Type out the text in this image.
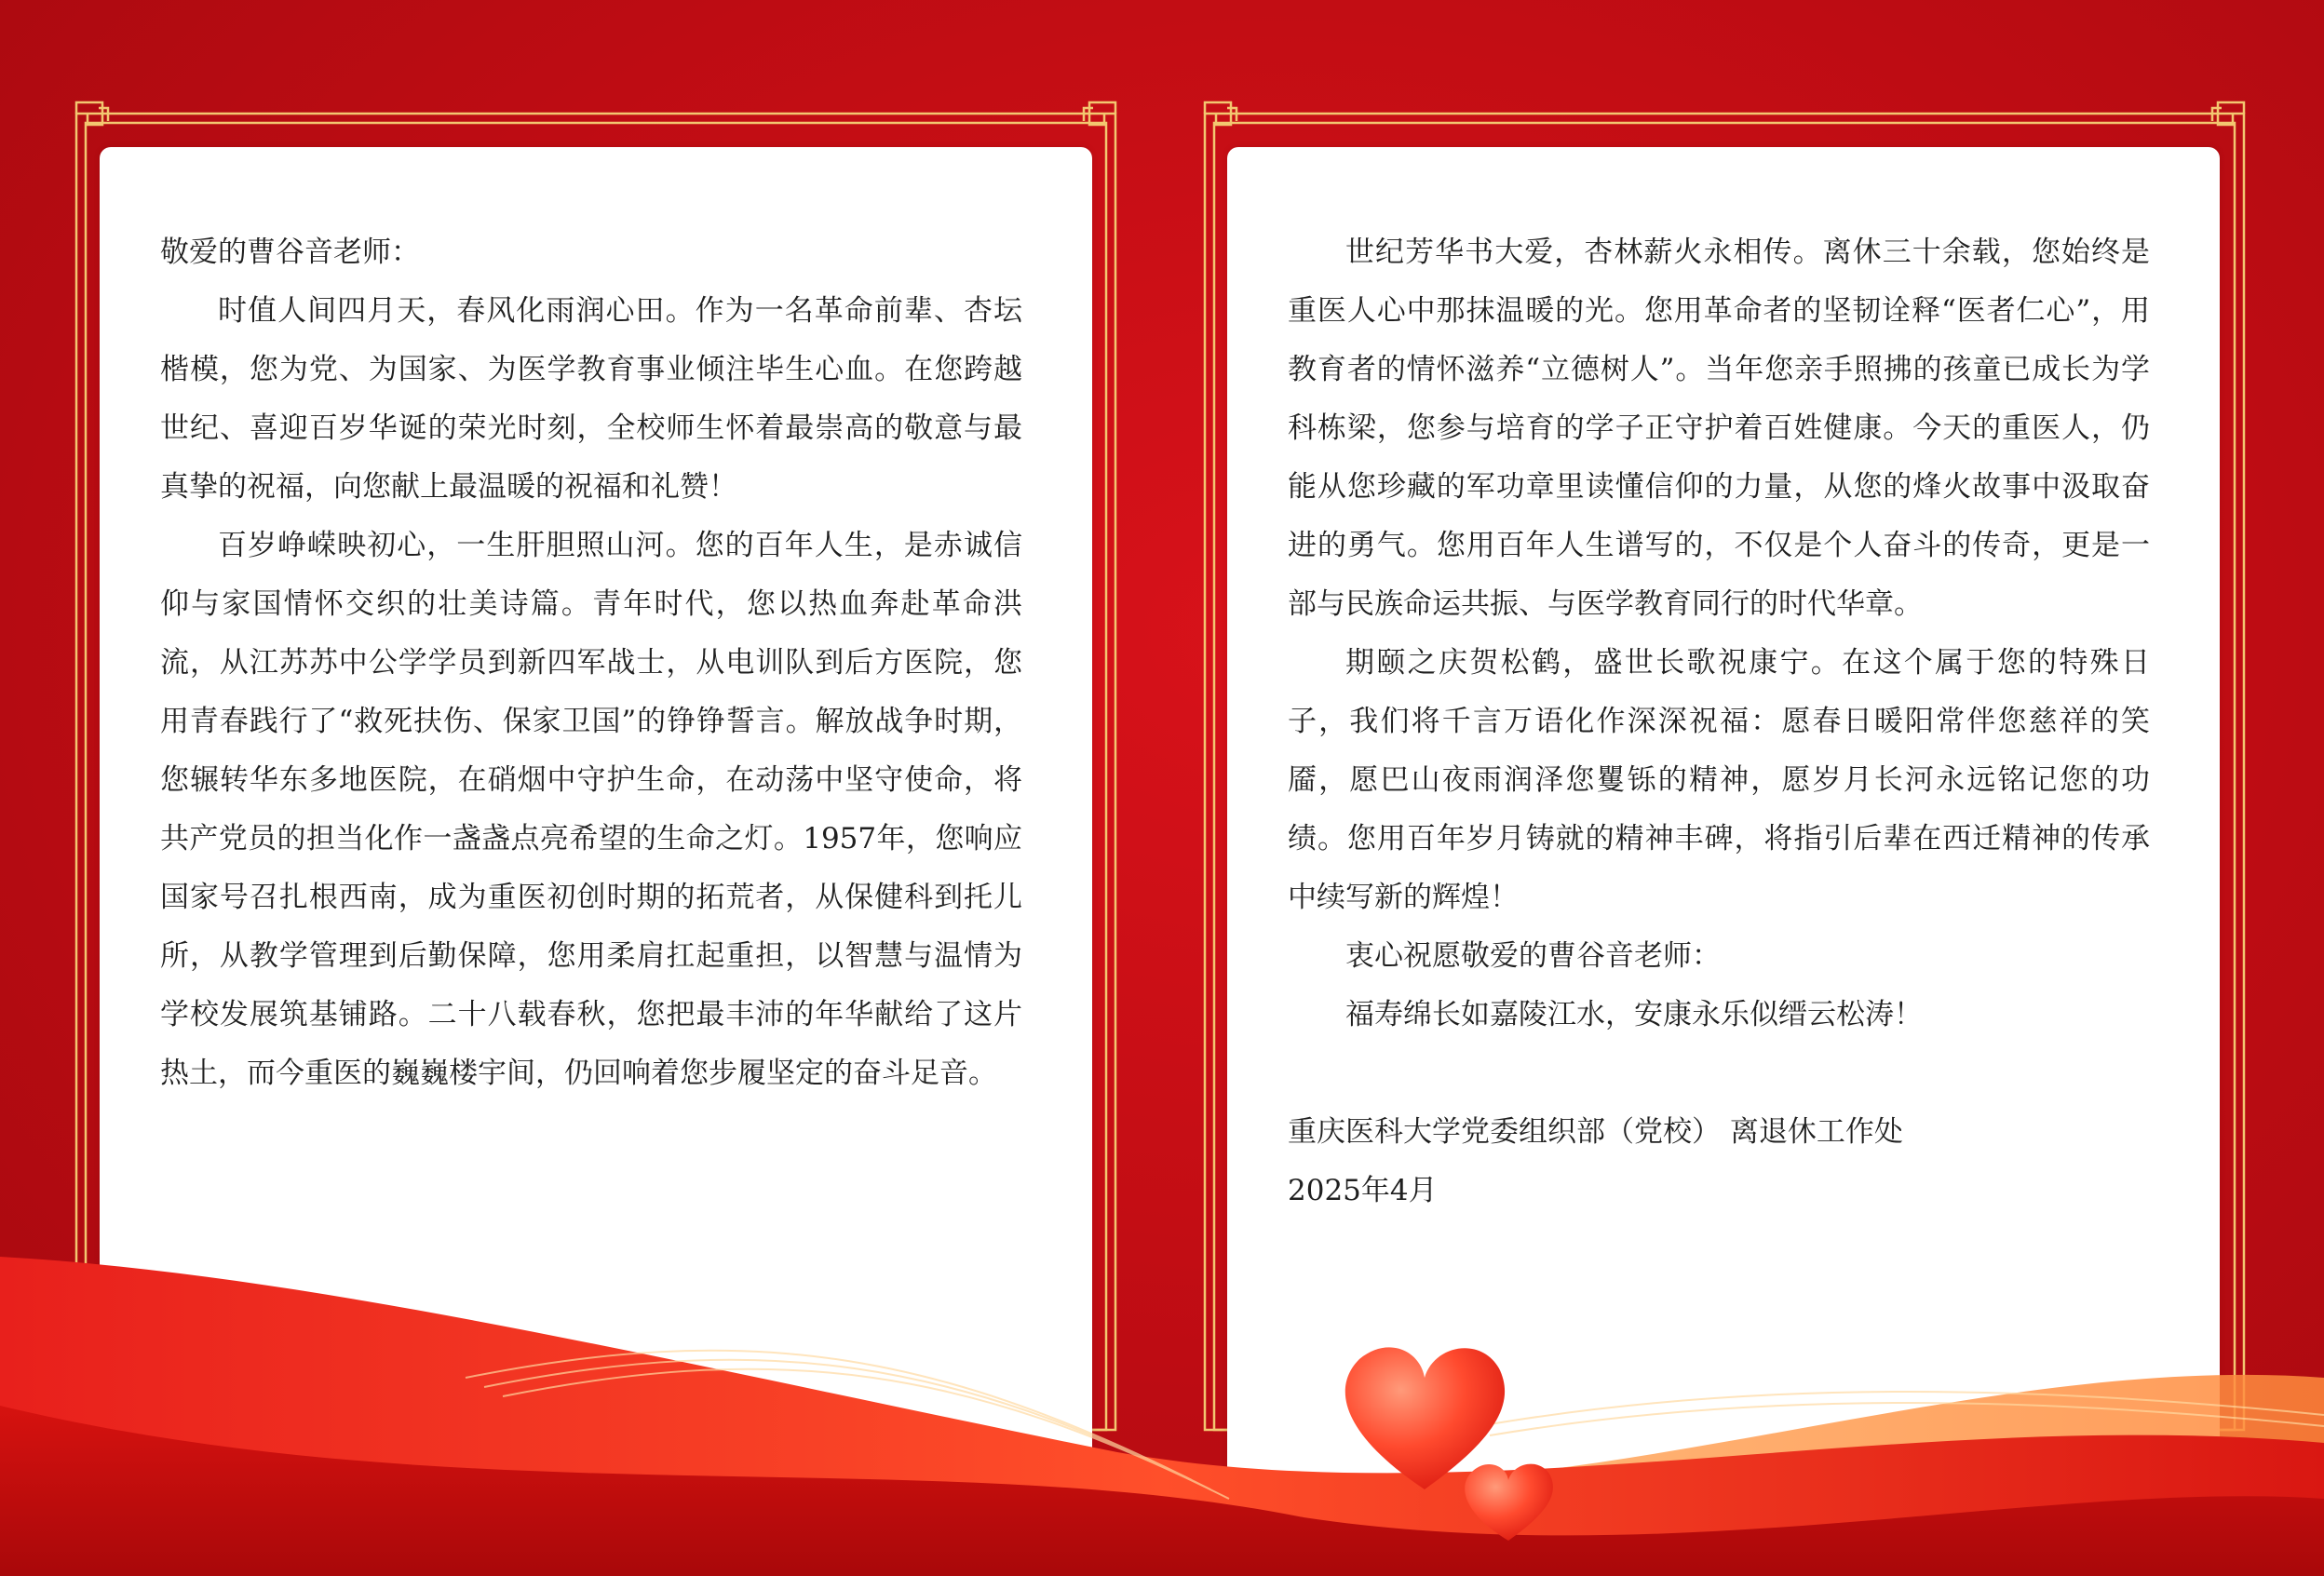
敬爱的曹谷音老师：

时值人间四月天，春风化雨润心田。作为一名革命前辈、杏坛楷模，您为党、为国家、为医学教育事业倾注毕生心血。在您跨越世纪、喜迎百岁华诞的荣光时刻，全校师生怀着最崇高的敬意与最真挚的祝福，向您献上最温暖的祝福和礼赞！

百岁峥嵘映初心，一生肝胆照山河。您的百年人生，是赤诚信仰与家国情怀交织的壮美诗篇。青年时代，您以热血奔赴革命洪流，从江苏苏中公学学员到新四军战士，从电训队到后方医院，您用青春践行了“救死扶伤、保家卫国”的铮铮誓言。解放战争时期，您辗转华东多地医院，在硝烟中守护生命，在动荡中坚守使命，将共产党员的担当化作一盏盏点亮希望的生命之灯。1957年，您响应国家号召扎根西南，成为重医初创时期的拓荒者，从保健科到托儿所，从教学管理到后勤保障，您用柔肩扛起重担，以智慧与温情为学校发展筑基铺路。二十八载春秋，您把最丰沛的年华献给了这片热土，而今重医的巍巍楼宇间，仍回响着您步履坚定的奋斗足音。

世纪芳华书大爱，杏林薪火永相传。离休三十余载，您始终是重医人心中那抹温暖的光。您用革命者的坚韧诠释“医者仁心”，用教育者的情怀滋养“立德树人”。当年您亲手照拂的孩童已成长为学科栋梁，您参与培育的学子正守护着百姓健康。今天的重医人，仍能从您珍藏的军功章里读懂信仰的力量，从您的烽火故事中汲取奋进的勇气。您用百年人生谱写的，不仅是个人奋斗的传奇，更是一部与民族命运共振、与医学教育同行的时代华章。

期颐之庆贺松鹤，盛世长歌祝康宁。在这个属于您的特殊日子，我们将千言万语化作深深祝福：愿春日暖阳常伴您慈祥的笑靥，愿巴山夜雨润泽您矍铄的精神，愿岁月长河永远铭记您的功绩。您用百年岁月铸就的精神丰碑，将指引后辈在西迁精神的传承中续写新的辉煌！

衷心祝愿敬爱的曹谷音老师：

福寿绵长如嘉陵江水，安康永乐似缙云松涛！

重庆医科大学党委组织部（党校） 离退休工作处

2025年4月
